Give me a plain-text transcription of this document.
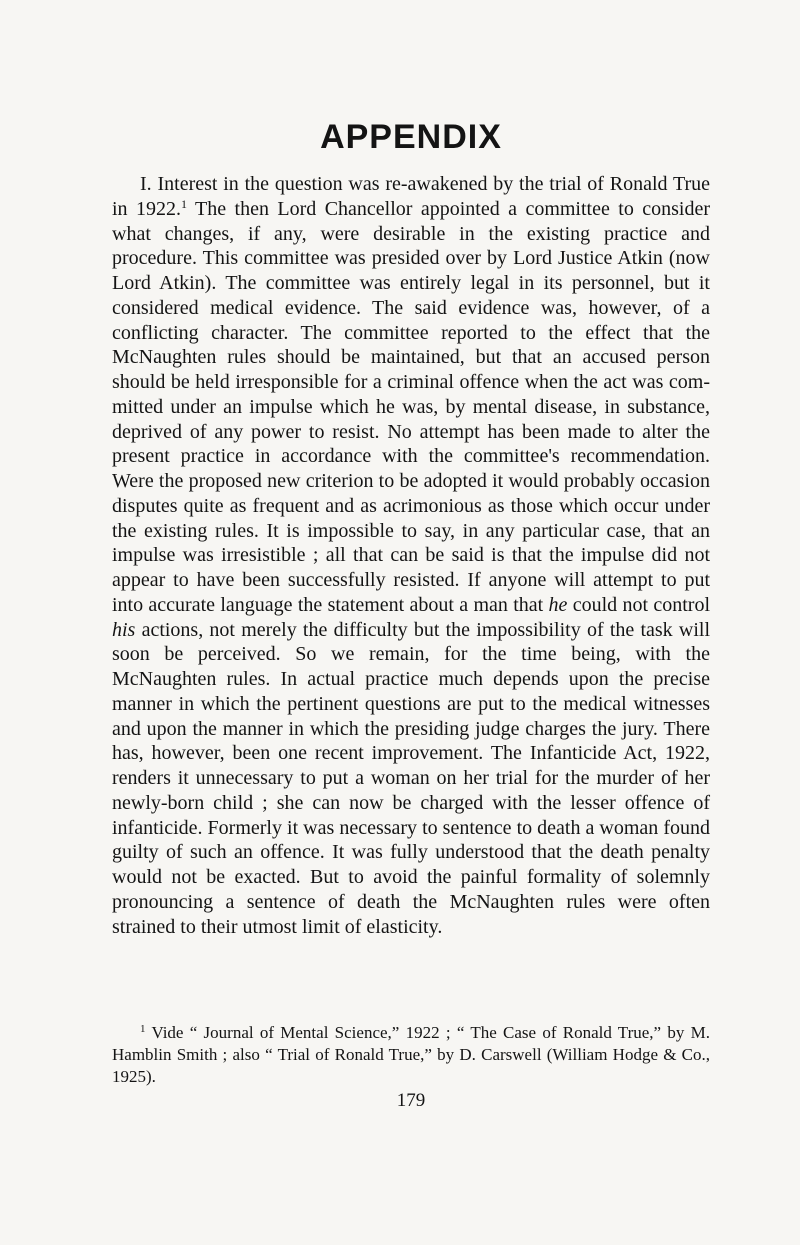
APPENDIX

I. Interest in the question was re-awakened by the trial of Ronald True in 1922.$^1$ The then Lord Chancellor appointed a committee to consider what changes, if any, were desirable in the existing practice and procedure. This committee was presided over by Lord Justice Atkin (now Lord Atkin). The committee was entirely legal in its personnel, but it considered medical evidence. The said evidence was, however, of a conflicting character. The committee reported to the effect that the McNaughten rules should be maintained, but that an accused person should be held irresponsible for a criminal offence when the act was com- mitted under an impulse which he was, by mental disease, in substance, deprived of any power to resist. No attempt has been made to alter the present practice in accordance with the committee's recommendation. Were the proposed new criterion to be adopted it would probably occasion disputes quite as frequent and as acrimonious as those which occur under the existing rules. It is impossible to say, in any particular case, that an impulse was irresistible ; all that can be said is that the impulse did not appear to have been successfully resisted. If anyone will attempt to put into accurate language the statement about a man that he could not control his actions, not merely the difficulty but the impossibility of the task will soon be perceived. So we remain, for the time being, with the McNaughten rules. In actual practice much depends upon the precise manner in which the pertinent questions are put to the medical witnesses and upon the manner in which the presiding judge charges the jury. There has, however, been one recent improvement. The Infanticide Act, 1922, renders it unnecessary to put a woman on her trial for the murder of her newly-born child ; she can now be charged with the lesser offence of infanticide. Formerly it was necessary to sentence to death a woman found guilty of such an offence. It was fully understood that the death penalty would not be exacted. But to avoid the painful formality of solemnly pronouncing a sentence of death the McNaughten rules were often strained to their utmost limit of elasticity.

$^1$ Vide “ Journal of Mental Science,” 1922 ; “ The Case of Ronald True,” by M. Hamblin Smith ; also “ Trial of Ronald True,” by D. Carswell (William Hodge & Co., 1925).

179
